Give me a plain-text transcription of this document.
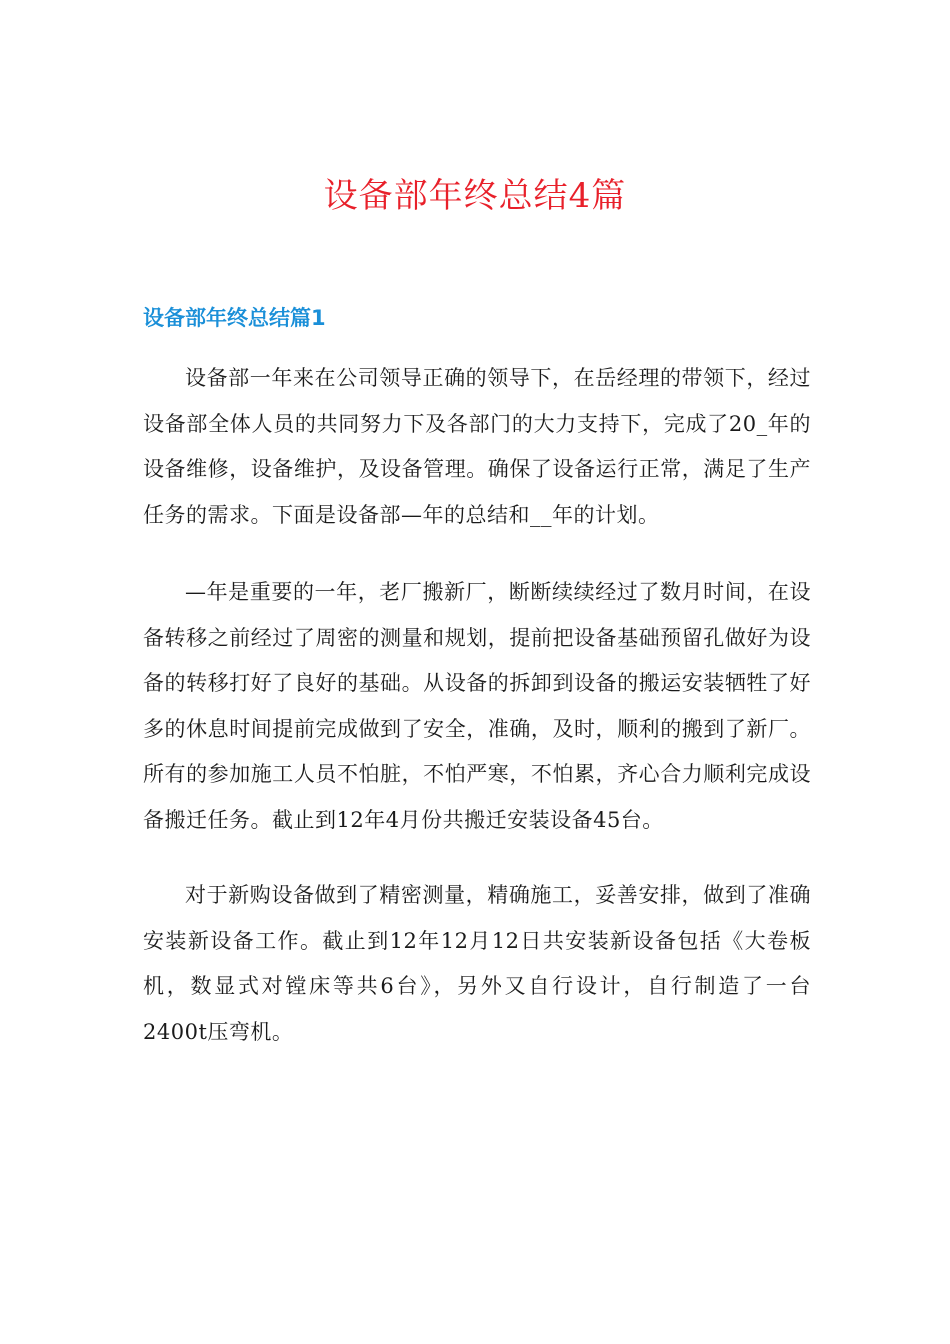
设备部年终总结4篇
设备部年终总结篇1

设备部一年来在公司领导正确的领导下，在岳经理的带领下，经过设备部全体人员的共同努力下及各部门的大力支持下，完成了20_年的设备维修，设备维护，及设备管理。确保了设备运行正常，满足了生产任务的需求。下面是设备部—年的总结和__年的计划。

—年是重要的一年，老厂搬新厂，断断续续经过了数月时间，在设备转移之前经过了周密的测量和规划，提前把设备基础预留孔做好为设备的转移打好了良好的基础。从设备的拆卸到设备的搬运安装牺牲了好多的休息时间提前完成做到了安全，准确，及时，顺利的搬到了新厂。所有的参加施工人员不怕脏，不怕严寒，不怕累，齐心合力顺利完成设备搬迁任务。截止到12年4月份共搬迁安装设备45台。

对于新购设备做到了精密测量，精确施工，妥善安排，做到了准确安装新设备工作。截止到12年12月12日共安装新设备包括《大卷板机，数显式对镗床等共6台》，另外又自行设计，自行制造了一台2400t压弯机。
